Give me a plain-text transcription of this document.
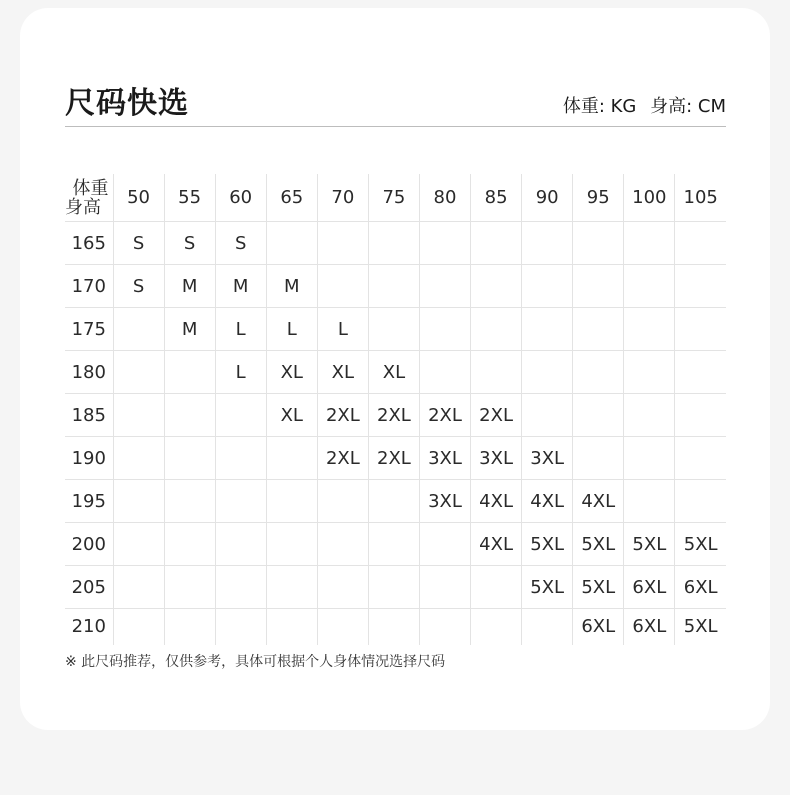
尺码快选	体重: KG 身高: CM
体重
身高	50	55	60	65	70	75	80	85	90	95	100	105
165	S	S	S									
170	S	M	M	M								
175		M	L	L	L							
180			L	XL	XL	XL						
185				XL	2XL	2XL	2XL	2XL				
190					2XL	2XL	3XL	3XL	3XL			
195							3XL	4XL	4XL	4XL		
200								4XL	5XL	5XL	5XL	5XL
205									5XL	5XL	6XL	6XL
210										6XL	6XL	5XL
※ 此尺码推荐，仅供参考，具体可根据个人身体情况选择尺码
